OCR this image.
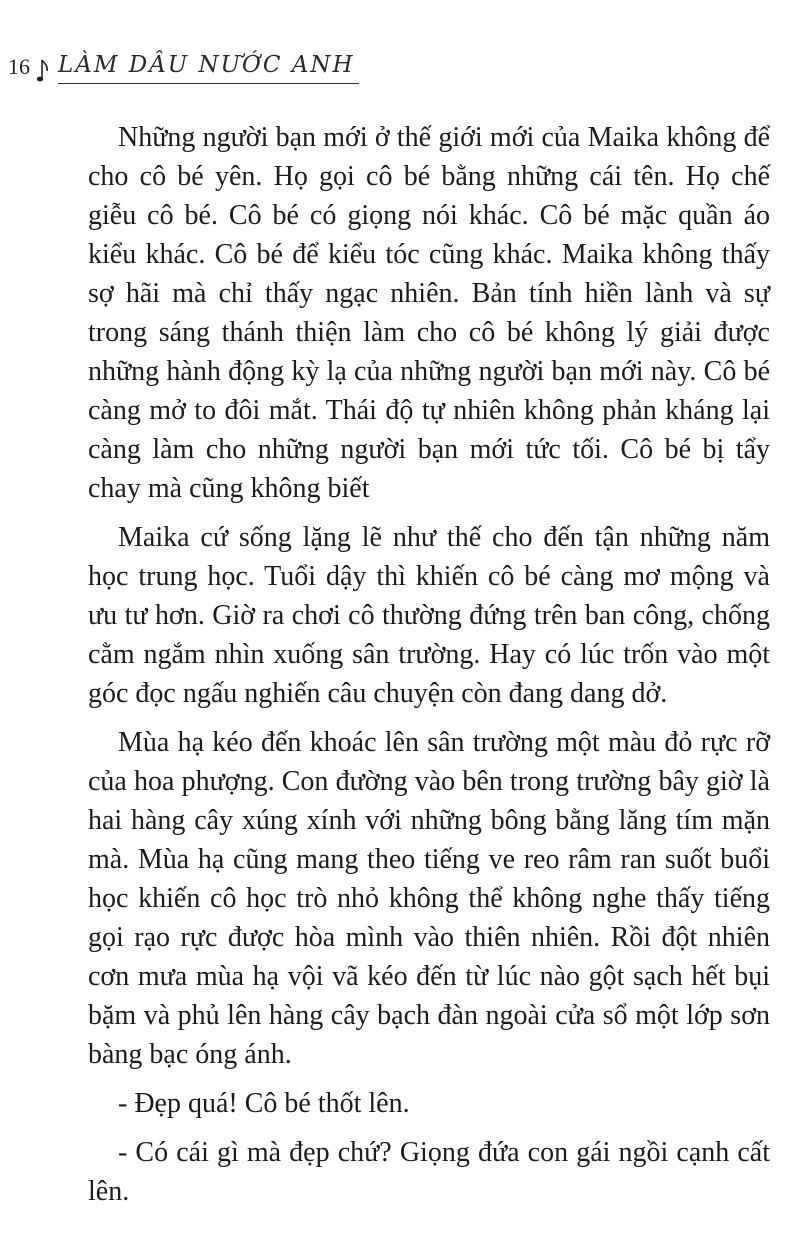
16 LÀM DÂU NƯỚC ANH

Những người bạn mới ở thế giới mới của Maika không để cho cô bé yên. Họ gọi cô bé bằng những cái tên. Họ chế giễu cô bé. Cô bé có giọng nói khác. Cô bé mặc quần áo kiểu khác. Cô bé để kiểu tóc cũng khác. Maika không thấy sợ hãi mà chỉ thấy ngạc nhiên. Bản tính hiền lành và sự trong sáng thánh thiện làm cho cô bé không lý giải được những hành động kỳ lạ của những người bạn mới này. Cô bé càng mở to đôi mắt. Thái độ tự nhiên không phản kháng lại càng làm cho những người bạn mới tức tối. Cô bé bị tẩy chay mà cũng không biết

Maika cứ sống lặng lẽ như thế cho đến tận những năm học trung học. Tuổi dậy thì khiến cô bé càng mơ mộng và ưu tư hơn. Giờ ra chơi cô thường đứng trên ban công, chống cằm ngắm nhìn xuống sân trường. Hay có lúc trốn vào một góc đọc ngấu nghiến câu chuyện còn đang dang dở.

Mùa hạ kéo đến khoác lên sân trường một màu đỏ rực rỡ của hoa phượng. Con đường vào bên trong trường bây giờ là hai hàng cây xúng xính với những bông bằng lăng tím mặn mà. Mùa hạ cũng mang theo tiếng ve reo râm ran suốt buổi học khiến cô học trò nhỏ không thể không nghe thấy tiếng gọi rạo rực được hòa mình vào thiên nhiên. Rồi đột nhiên cơn mưa mùa hạ vội vã kéo đến từ lúc nào gột sạch hết bụi bặm và phủ lên hàng cây bạch đàn ngoài cửa sổ một lớp sơn bàng bạc óng ánh.

- Đẹp quá! Cô bé thốt lên.

- Có cái gì mà đẹp chứ? Giọng đứa con gái ngồi cạnh cất lên.
